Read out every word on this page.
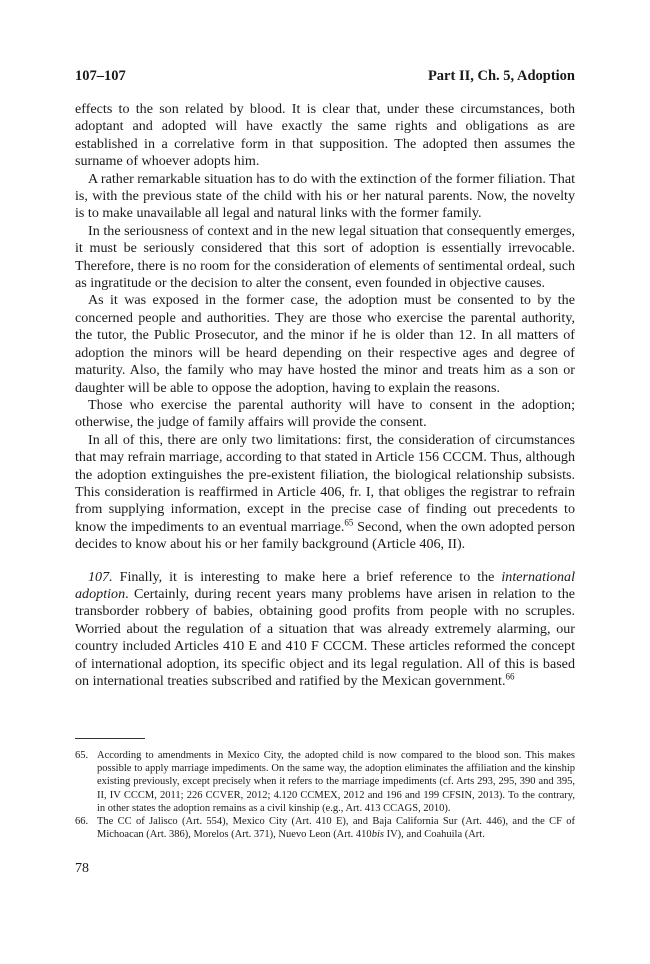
107–107	Part II, Ch. 5, Adoption

effects to the son related by blood. It is clear that, under these circumstances, both adoptant and adopted will have exactly the same rights and obligations as are established in a correlative form in that supposition. The adopted then assumes the surname of whoever adopts him.

A rather remarkable situation has to do with the extinction of the former filiation. That is, with the previous state of the child with his or her natural parents. Now, the novelty is to make unavailable all legal and natural links with the former family.

In the seriousness of context and in the new legal situation that consequently emerges, it must be seriously considered that this sort of adoption is essentially irrevocable. Therefore, there is no room for the consideration of elements of sentimental ordeal, such as ingratitude or the decision to alter the consent, even founded in objective causes.

As it was exposed in the former case, the adoption must be consented to by the concerned people and authorities. They are those who exercise the parental authority, the tutor, the Public Prosecutor, and the minor if he is older than 12. In all matters of adoption the minors will be heard depending on their respective ages and degree of maturity. Also, the family who may have hosted the minor and treats him as a son or daughter will be able to oppose the adoption, having to explain the reasons.

Those who exercise the parental authority will have to consent in the adoption; otherwise, the judge of family affairs will provide the consent.

In all of this, there are only two limitations: first, the consideration of circumstances that may refrain marriage, according to that stated in Article 156 CCCM. Thus, although the adoption extinguishes the pre-existent filiation, the biological relationship subsists. This consideration is reaffirmed in Article 406, fr. I, that obliges the registrar to refrain from supplying information, except in the precise case of finding out precedents to know the impediments to an eventual marriage.$^{65}$ Second, when the own adopted person decides to know about his or her family background (Article 406, II).

107. Finally, it is interesting to make here a brief reference to the international adoption. Certainly, during recent years many problems have arisen in relation to the transborder robbery of babies, obtaining good profits from people with no scruples. Worried about the regulation of a situation that was already extremely alarming, our country included Articles 410 E and 410 F CCCM. These articles reformed the concept of international adoption, its specific object and its legal regulation. All of this is based on international treaties subscribed and ratified by the Mexican government.$^{66}$

65. According to amendments in Mexico City, the adopted child is now compared to the blood son. This makes possible to apply marriage impediments. On the same way, the adoption eliminates the affiliation and the kinship existing previously, except precisely when it refers to the marriage impediments (cf. Arts 293, 295, 390 and 395, II, IV CCCM, 2011; 226 CCVER, 2012; 4.120 CCMEX, 2012 and 196 and 199 CFSIN, 2013). To the contrary, in other states the adoption remains as a civil kinship (e.g., Art. 413 CCAGS, 2010).
66. The CC of Jalisco (Art. 554), Mexico City (Art. 410 E), and Baja California Sur (Art. 446), and the CF of Michoacan (Art. 386), Morelos (Art. 371), Nuevo Leon (Art. 410bis IV), and Coahuila (Art.
78
